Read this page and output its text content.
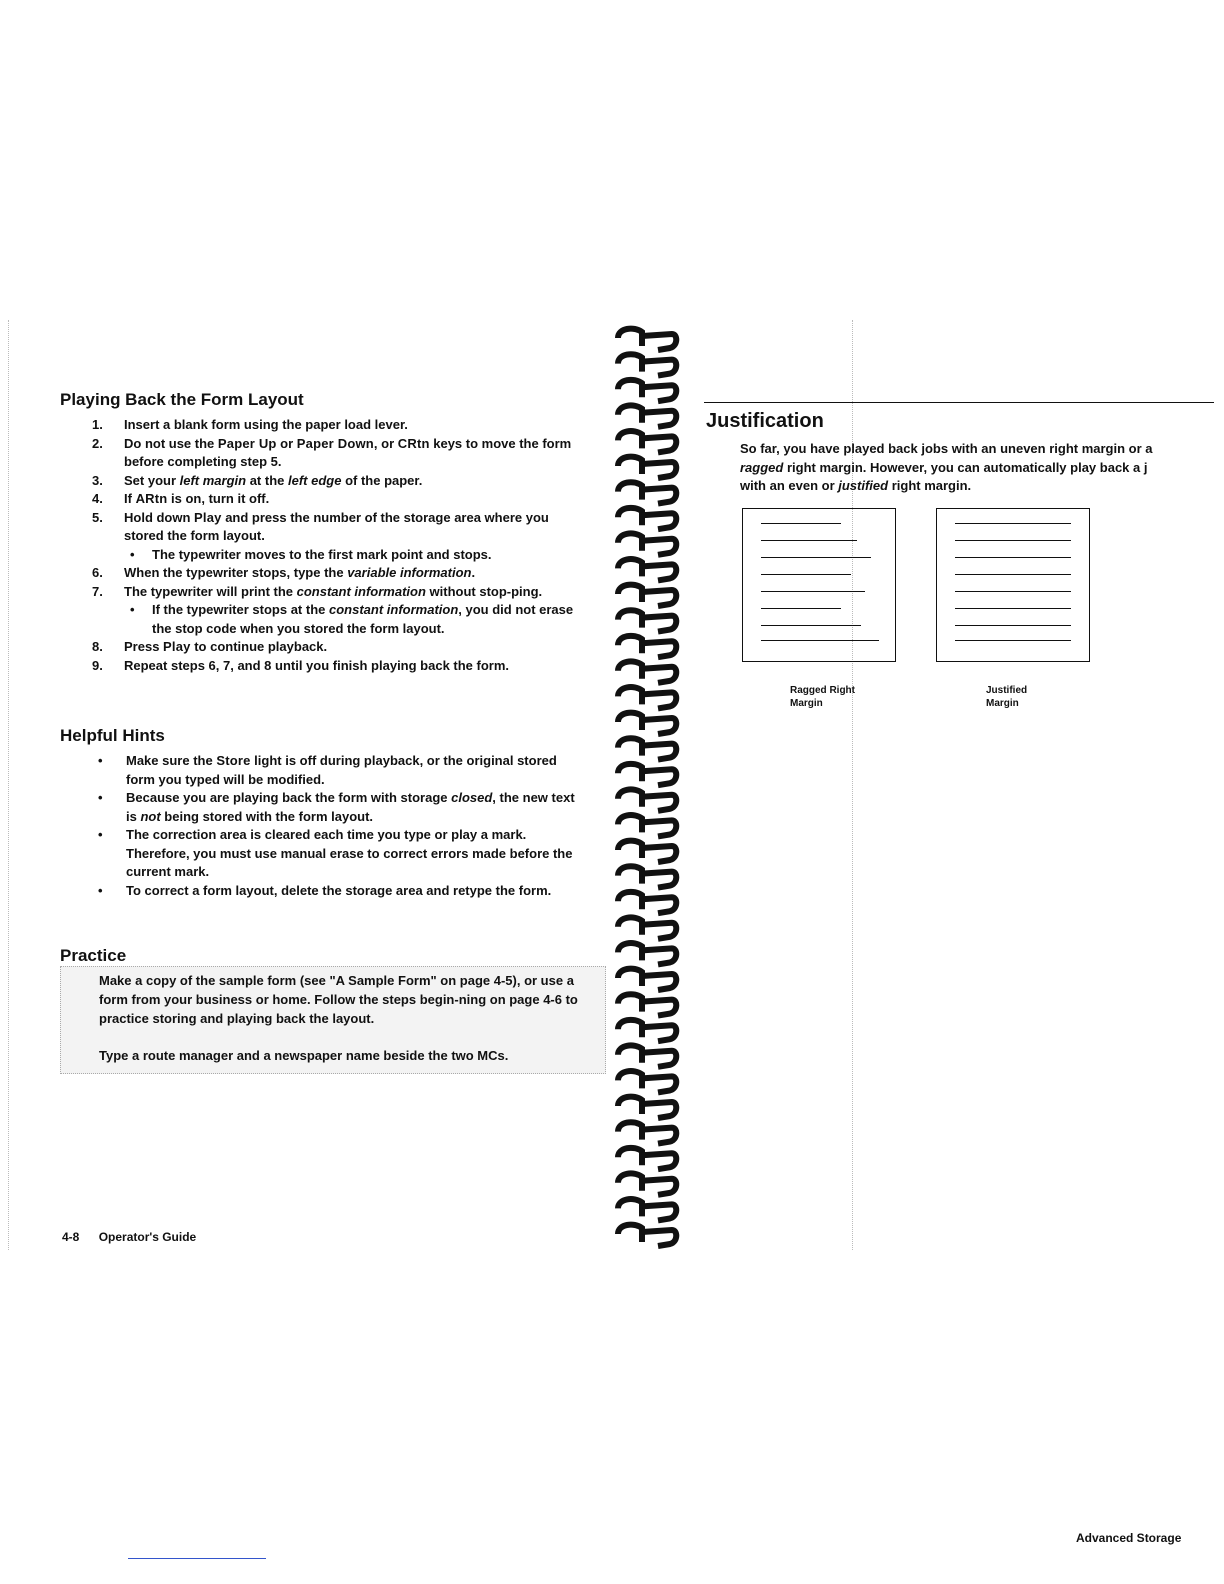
Playing Back the Form Layout
1. Insert a blank form using the paper load lever.
2. Do not use the Paper Up or Paper Down, or CRtn keys to move the form before completing step 5.
3. Set your left margin at the left edge of the paper.
4. If ARtn is on, turn it off.
5. Hold down Play and press the number of the storage area where you stored the form layout.
• The typewriter moves to the first mark point and stops.
6. When the typewriter stops, type the variable information.
7. The typewriter will print the constant information without stop-ping.
• If the typewriter stops at the constant information, you did not erase the stop code when you stored the form layout.
8. Press Play to continue playback.
9. Repeat steps 6, 7, and 8 until you finish playing back the form.
Helpful Hints
• Make sure the Store light is off during playback, or the original stored form you typed will be modified.
• Because you are playing back the form with storage closed, the new text is not being stored with the form layout.
• The correction area is cleared each time you type or play a mark. Therefore, you must use manual erase to correct errors made before the current mark.
• To correct a form layout, delete the storage area and retype the form.
Practice

Make a copy of the sample form (see "A Sample Form" on page 4-5), or use a form from your business or home. Follow the steps begin-ning on page 4-6 to practice storing and playing back the layout.

Type a route manager and a newspaper name beside the two MCs.

4-8 Operator's Guide
Justification
So far, you have played back jobs with an uneven right margin or a
ragged right margin. However, you can automatically play back a j
with an even or justified right margin.
Ragged Right
Margin
Justified
Margin
Advanced Storage
